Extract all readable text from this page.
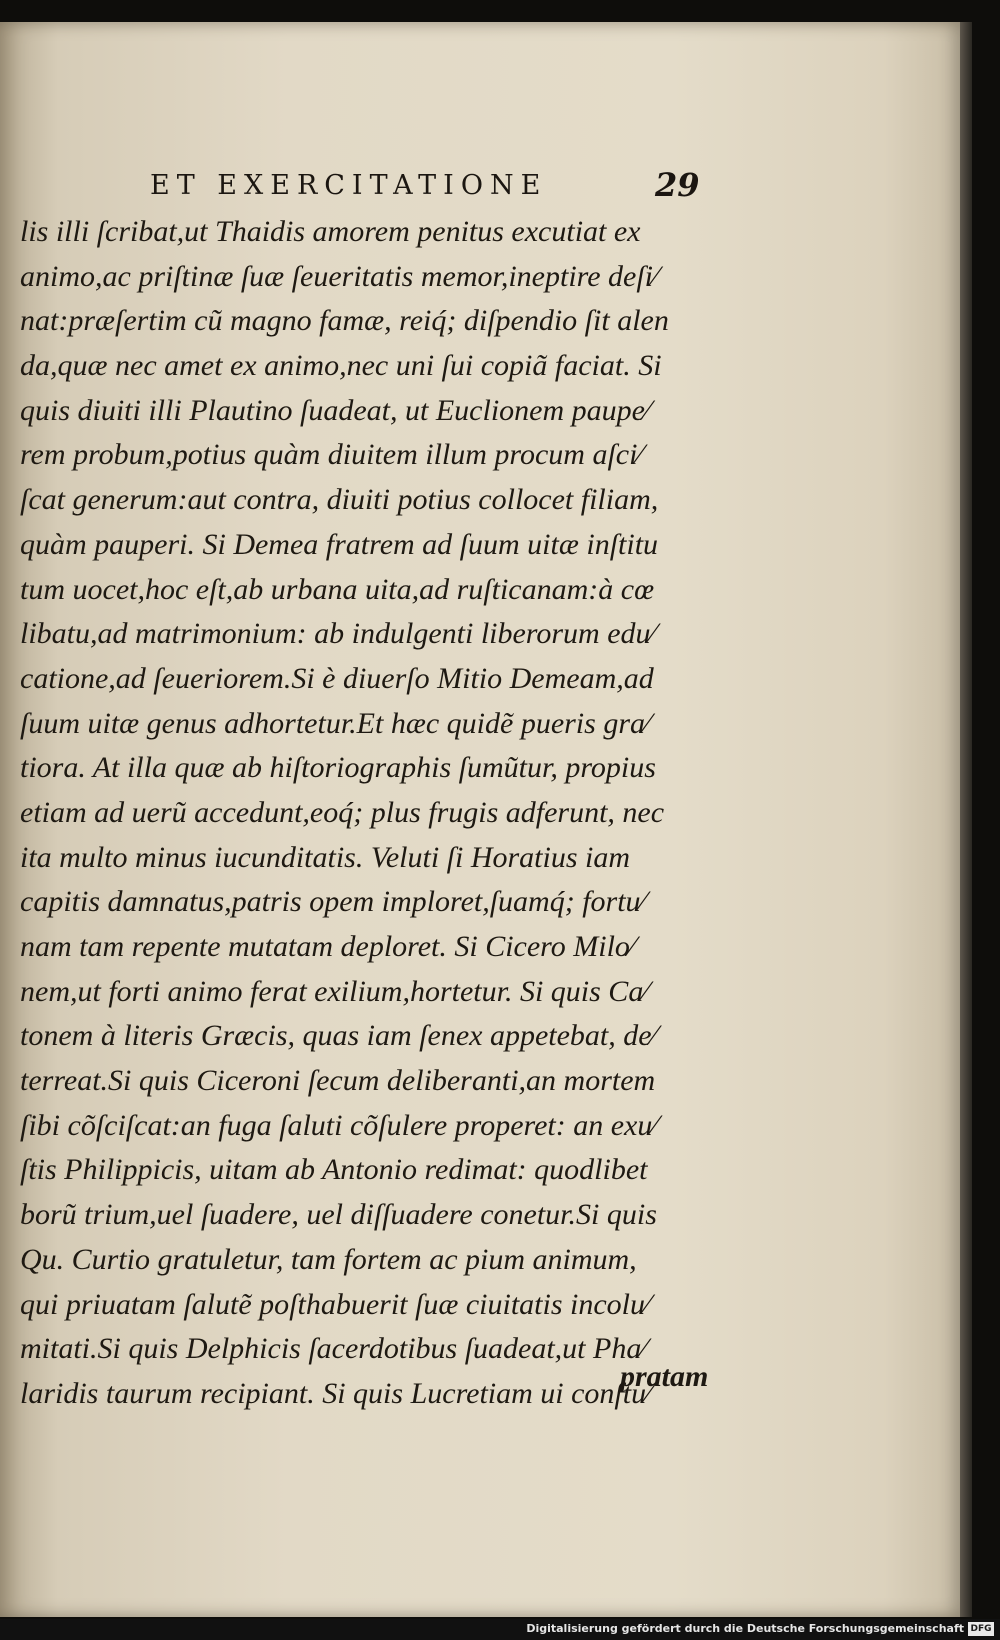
ET EXERCITATIONE	29
lis illi ſcribat,ut Thaidis amorem penitus excutiat ex
animo,ac priſtinæ ſuæ ſeueritatis memor,ineptire deſi⁄
nat:præſertim cũ magno famæ, reiq́; diſpendio ſit alen
da,quæ nec amet ex animo,nec uni ſui copiã faciat. Si
quis diuiti illi Plautino ſuadeat, ut Euclionem paupe⁄
rem probum,potius quàm diuitem illum procum aſci⁄
ſcat generum:aut contra, diuiti potius collocet filiam,
quàm pauperi. Si Demea fratrem ad ſuum uitæ inſtitu
tum uocet,hoc eſt,ab urbana uita,ad ruſticanam:à cœ
libatu,ad matrimonium: ab indulgenti liberorum edu⁄
catione,ad ſeueriorem.Si è diuerſo Mitio Demeam,ad
ſuum uitæ genus adhortetur.Et hæc quidẽ pueris gra⁄
tiora. At illa quæ ab hiſtoriographis ſumũtur, propius
etiam ad uerũ accedunt,eoq́; plus frugis adferunt, nec
ita multo minus iucunditatis. Veluti ſi Horatius iam
capitis damnatus,patris opem imploret,ſuamq́; fortu⁄
nam tam repente mutatam deploret. Si Cicero Milo⁄
nem,ut forti animo ferat exilium,hortetur. Si quis Ca⁄
tonem à literis Græcis, quas iam ſenex appetebat, de⁄
terreat.Si quis Ciceroni ſecum deliberanti,an mortem
ſibi cõſciſcat:an fuga ſaluti cõſulere properet: an exu⁄
ſtis Philippicis, uitam ab Antonio redimat: quodlibet
borũ trium,uel ſuadere, uel diſſuadere conetur.Si quis
Qu. Curtio gratuletur, tam fortem ac pium animum,
qui priuatam ſalutẽ poſthabuerit ſuæ ciuitatis incolu⁄
mitati.Si quis Delphicis ſacerdotibus ſuadeat,ut Pha⁄
laridis taurum recipiant. Si quis Lucretiam ui conſtu⁄
pratam
Digitalisierung gefördert durch die Deutsche Forschungsgemeinschaft DFG
